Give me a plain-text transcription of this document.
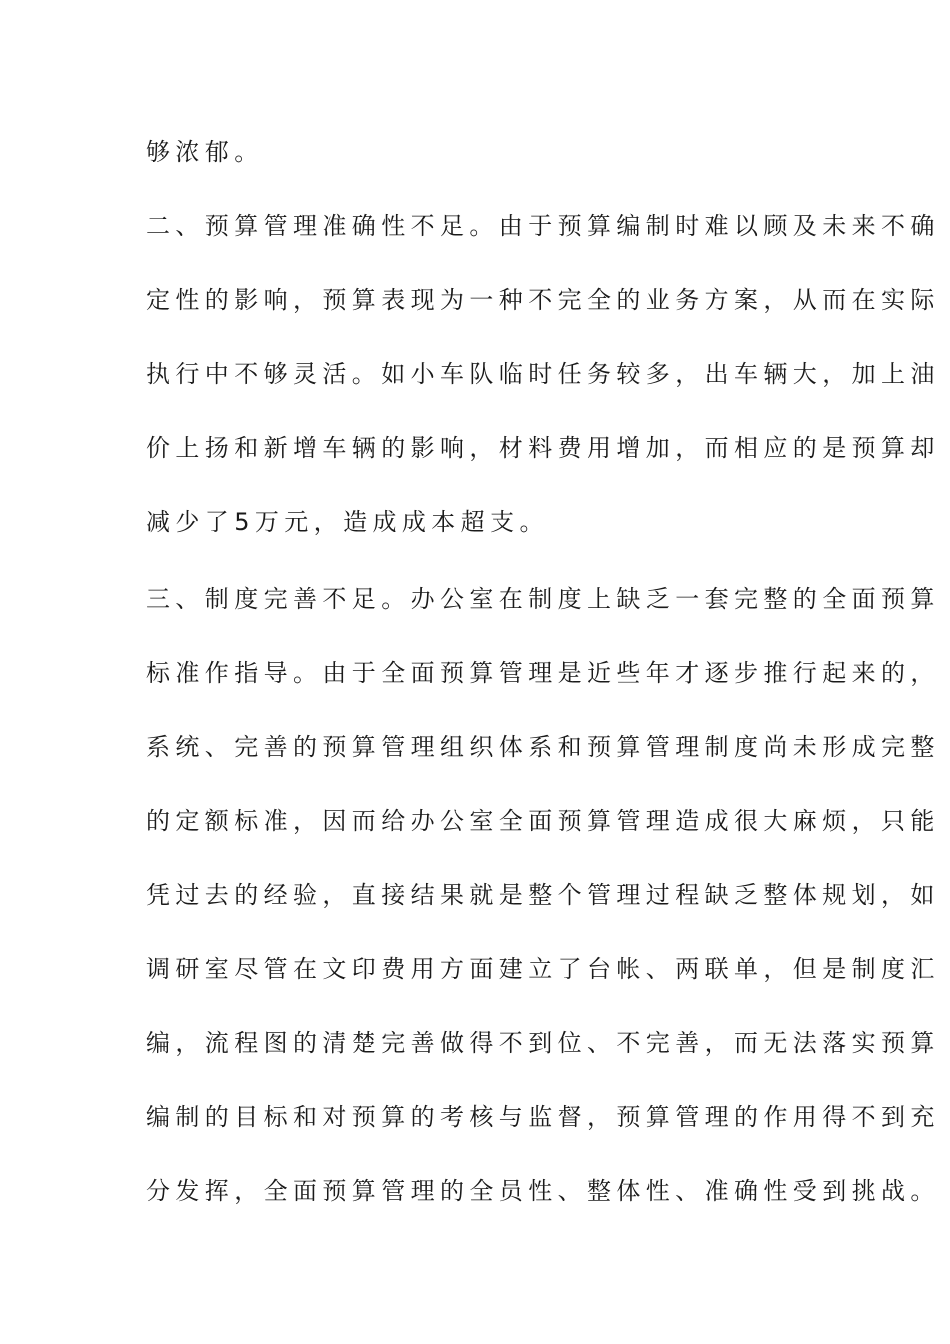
够浓郁。
二、预算管理准确性不足。由于预算编制时难以顾及未来不确
定性的影响，预算表现为一种不完全的业务方案，从而在实际
执行中不够灵活。如小车队临时任务较多，出车辆大，加上油
价上扬和新增车辆的影响，材料费用增加，而相应的是预算却
减少了5万元，造成成本超支。
三、制度完善不足。办公室在制度上缺乏一套完整的全面预算
标准作指导。由于全面预算管理是近些年才逐步推行起来的，
系统、完善的预算管理组织体系和预算管理制度尚未形成完整
的定额标准，因而给办公室全面预算管理造成很大麻烦，只能
凭过去的经验，直接结果就是整个管理过程缺乏整体规划，如
调研室尽管在文印费用方面建立了台帐、两联单，但是制度汇
编，流程图的清楚完善做得不到位、不完善，而无法落实预算
编制的目标和对预算的考核与监督，预算管理的作用得不到充
分发挥，全面预算管理的全员性、整体性、准确性受到挑战。
